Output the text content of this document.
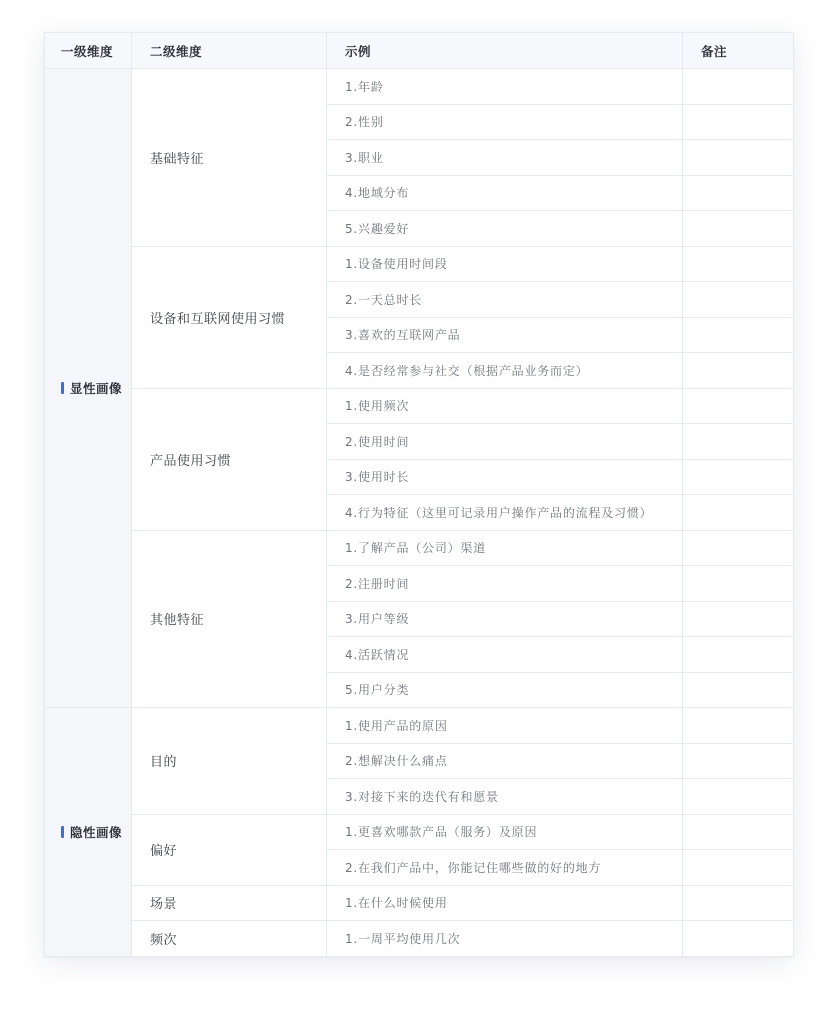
一级维度	二级维度	示例	备注

显性画像	基础特征	1.年龄	
		2.性别	
		3.职业	
		4.地域分布	
		5.兴趣爱好	
	设备和互联网使用习惯	1.设备使用时间段	
		2.一天总时长	
		3.喜欢的互联网产品	
		4.是否经常参与社交（根据产品业务而定）	
	产品使用习惯	1.使用频次	
		2.使用时间	
		3.使用时长	
		4.行为特征（这里可记录用户操作产品的流程及习惯）	
	其他特征	1.了解产品（公司）渠道	
		2.注册时间	
		3.用户等级	
		4.活跃情况	
		5.用户分类	

隐性画像	目的	1.使用产品的原因	
		2.想解决什么痛点	
		3.对接下来的迭代有和愿景	
	偏好	1.更喜欢哪款产品（服务）及原因	
		2.在我们产品中，你能记住哪些做的好的地方	
	场景	1.在什么时候使用	
	频次	1.一周平均使用几次	
